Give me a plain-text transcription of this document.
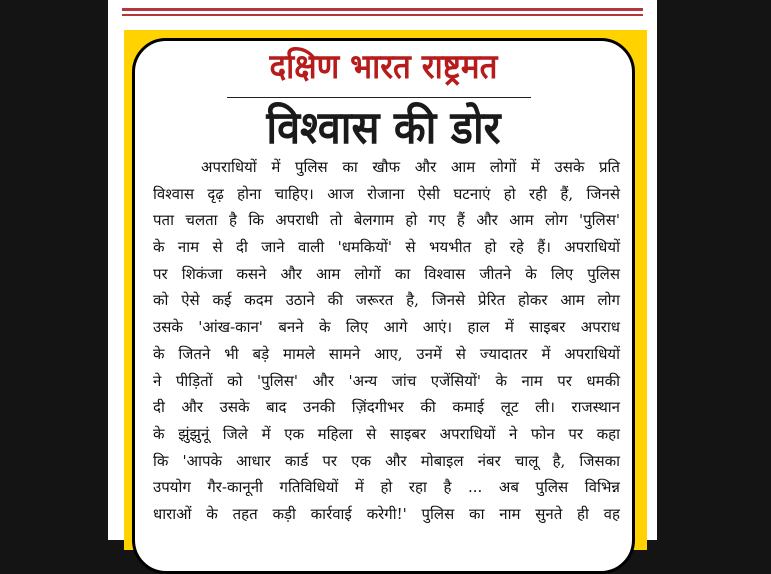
दक्षिण भारत राष्ट्रमत
विश्वास की डोर
अपराधियों में पुलिस का खौफ और आम लोगों में उसके प्रति
विश्वास दृढ़ होना चाहिए। आज रोजाना ऐसी घटनाएं हो रही हैं, जिनसे
पता चलता है कि अपराधी तो बेलगाम हो गए हैं और आम लोग 'पुलिस'
के नाम से दी जाने वाली 'धमकियों' से भयभीत हो रहे हैं। अपराधियों
पर शिकंजा कसने और आम लोगों का विश्वास जीतने के लिए पुलिस
को ऐसे कई कदम उठाने की जरूरत है, जिनसे प्रेरित होकर आम लोग
उसके 'आंख-कान' बनने के लिए आगे आएं। हाल में साइबर अपराध
के जितने भी बड़े मामले सामने आए, उनमें से ज्यादातर में अपराधियों
ने पीड़ितों को 'पुलिस' और 'अन्य जांच एजेंसियों' के नाम पर धमकी
दी और उसके बाद उनकी ज़िंदगीभर की कमाई लूट ली। राजस्थान
के झुंझुनूं जिले में एक महिला से साइबर अपराधियों ने फोन पर कहा
कि 'आपके आधार कार्ड पर एक और मोबाइल नंबर चालू है, जिसका
उपयोग गैर-कानूनी गतिविधियों में हो रहा है ... अब पुलिस विभिन्न
धाराओं के तहत कड़ी कार्रवाई करेगी!' पुलिस का नाम सुनते ही वह
